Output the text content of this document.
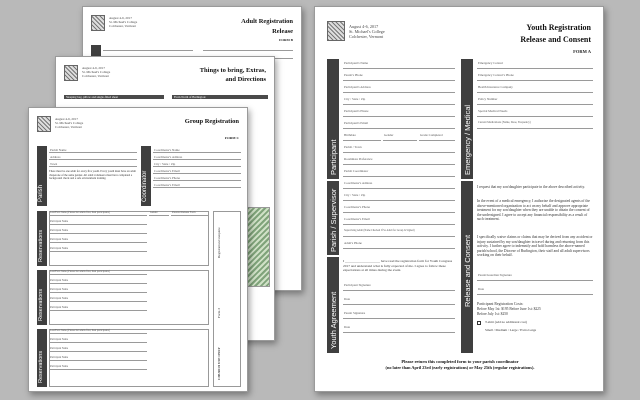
August 4-6, 2017
St. Michael's College
Colchester, Vermont
Adult Registration
Release
FORM B
August 4-6, 2017
St. Michael's College
Colchester, Vermont
Things to bring, Extras,
and Directions
Sleeping bag, pillow and single-fitted sheet	From North of Burlington:
August 4-6, 2017
St. Michael's College
Colchester, Vermont
Group Registration
FORM C
Parish
Parish Name
Address
Town
There must be one adult for every five youth. Every youth must have an adult chaperone of the same gender. All adult volunteers must have completed a background check and a safe environment training.	Coordinator
Coordinator's Name
Coordinator's Address
City / State / Zip
Coordinator's Email
Coordinator's Phone
Coordinator's Email
Reservations
Last/First Name (Please list adults first, then participants)	Gender	Parental Release Form
Participant Name
Participant Name
Participant Name
Participant Name
Reservations
Last/First Name (Please list adults first, then participants)
Participant Name
Participant Name
Participant Name
Participant Name
Reservations
Last/First Name (Please list adults first, then participants)
Participant Name
Participant Name
Participant Name
Participant Name
Registration Complete
Form 3
CHURCH USE ONLY
August 4-6, 2017
St. Michael's College
Colchester, Vermont
Youth Registration
Release and Consent
FORM A
Participant
Parish / Supervisor
Youth Agreement
Participant's Name
Parent's Phone
Participant's Address
City / State / Zip
Participant's Phone
Participant's Email
Birthdate	Gender	Grade Completed
Parish / Town
Roommate Preference
Parish Coordinator
Coordinator's Address
City / State / Zip
Coordinator's Phone
Coordinator's Email
Supervising Adult (Name Checked If So Adult for Group Is Signed)
Adult's Phone
I ____________________ have read the registration form for Youth Congress 2017 and understand what is fully expected of me. I agree to follow these expectations at all times during the event.
Participant Signature
Date
Parent Signature
Date
Emergency / Medical
Release and Consent
Emergency Contact
Emergency Contact's Phone
Health Insurance Company
Policy Number
Special Medical Needs
Current Medications (Name, Dose, Frequency)
I request that my son/daughter participate in the above described activity.
In the event of a medical emergency, I authorize the designated agents of the above-mentioned organization to act on my behalf and approve appropriate treatment for my son/daughter when they are unable to obtain the consent of the undersigned. I agree to accept any financial responsibility as a result of such treatment.
I specifically waive claims or claims that may be derived from any accident or injury sustained by my son/daughter in travel during and returning from this activity. I further agree to indemnify and hold harmless the above-named parish/school, the Diocese of Burlington, their staff and all adult supervisors working on their behalf.
Parent/Guardian Signature
Date
Participant Registration Costs:
Before May 1st: $195 Before June 1st: $225
Before July 1st: $250
T-shirt (add no additional cost)
Small / Medium / Large / Extra Large
Please return this completed form to your parish coordinator
(no later than April 23rd (early registrations) or May 25th (regular registrations).
